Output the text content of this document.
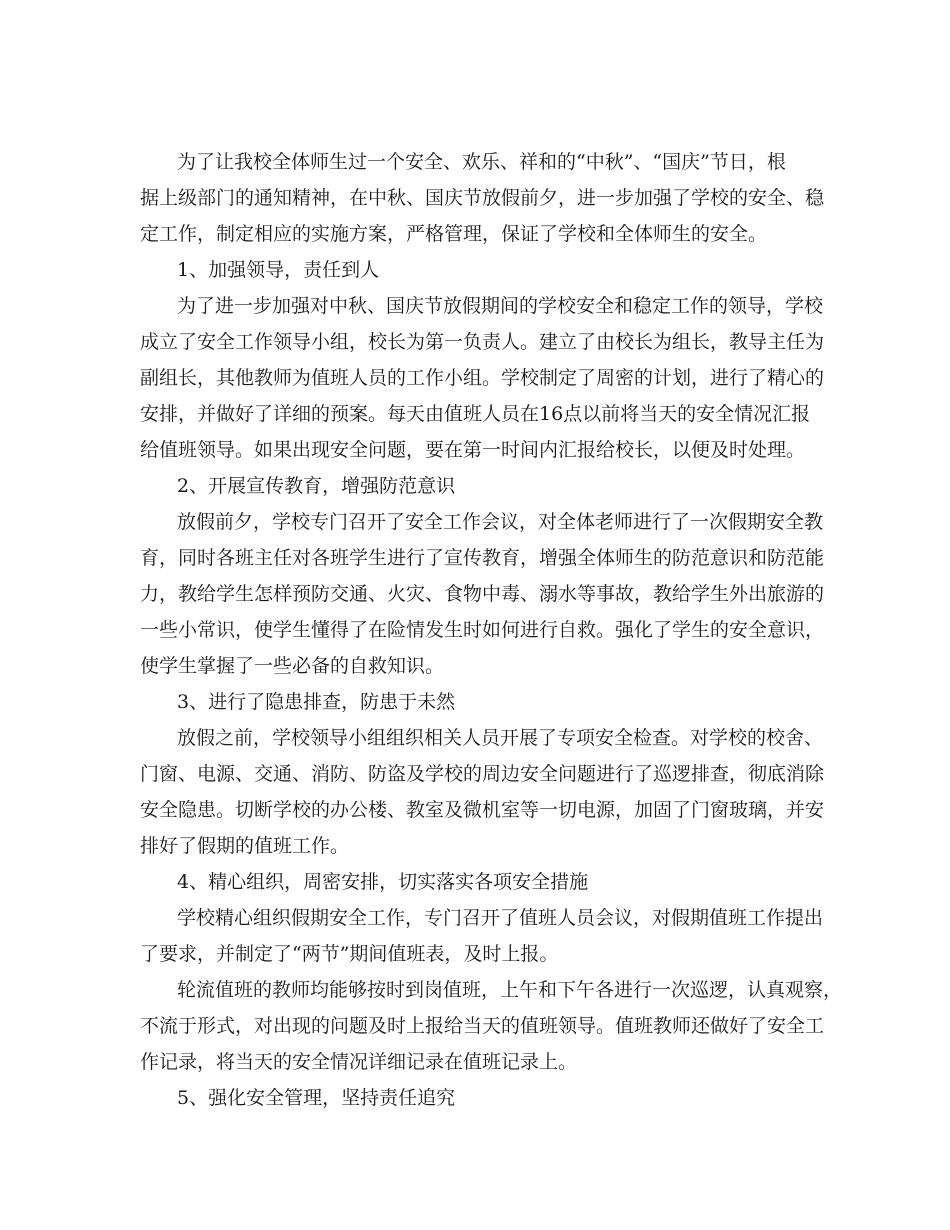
为了让我校全体师生过一个安全、欢乐、祥和的“中秋”、“国庆”节日，根
据上级部门的通知精神，在中秋、国庆节放假前夕，进一步加强了学校的安全、稳
定工作，制定相应的实施方案，严格管理，保证了学校和全体师生的安全。
1、加强领导，责任到人
为了进一步加强对中秋、国庆节放假期间的学校安全和稳定工作的领导，学校
成立了安全工作领导小组，校长为第一负责人。建立了由校长为组长，教导主任为
副组长，其他教师为值班人员的工作小组。学校制定了周密的计划，进行了精心的
安排，并做好了详细的预案。每天由值班人员在16点以前将当天的安全情况汇报
给值班领导。如果出现安全问题，要在第一时间内汇报给校长，以便及时处理。
2、开展宣传教育，增强防范意识
放假前夕，学校专门召开了安全工作会议，对全体老师进行了一次假期安全教
育，同时各班主任对各班学生进行了宣传教育，增强全体师生的防范意识和防范能
力，教给学生怎样预防交通、火灾、食物中毒、溺水等事故，教给学生外出旅游的
一些小常识，使学生懂得了在险情发生时如何进行自救。强化了学生的安全意识，
使学生掌握了一些必备的自救知识。
3、进行了隐患排查，防患于未然
放假之前，学校领导小组组织相关人员开展了专项安全检查。对学校的校舍、
门窗、电源、交通、消防、防盗及学校的周边安全问题进行了巡逻排查，彻底消除
安全隐患。切断学校的办公楼、教室及微机室等一切电源，加固了门窗玻璃，并安
排好了假期的值班工作。
4、精心组织，周密安排，切实落实各项安全措施
学校精心组织假期安全工作，专门召开了值班人员会议，对假期值班工作提出
了要求，并制定了“两节”期间值班表，及时上报。
轮流值班的教师均能够按时到岗值班，上午和下午各进行一次巡逻，认真观察，
不流于形式，对出现的问题及时上报给当天的值班领导。值班教师还做好了安全工
作记录，将当天的安全情况详细记录在值班记录上。
5、强化安全管理，坚持责任追究
